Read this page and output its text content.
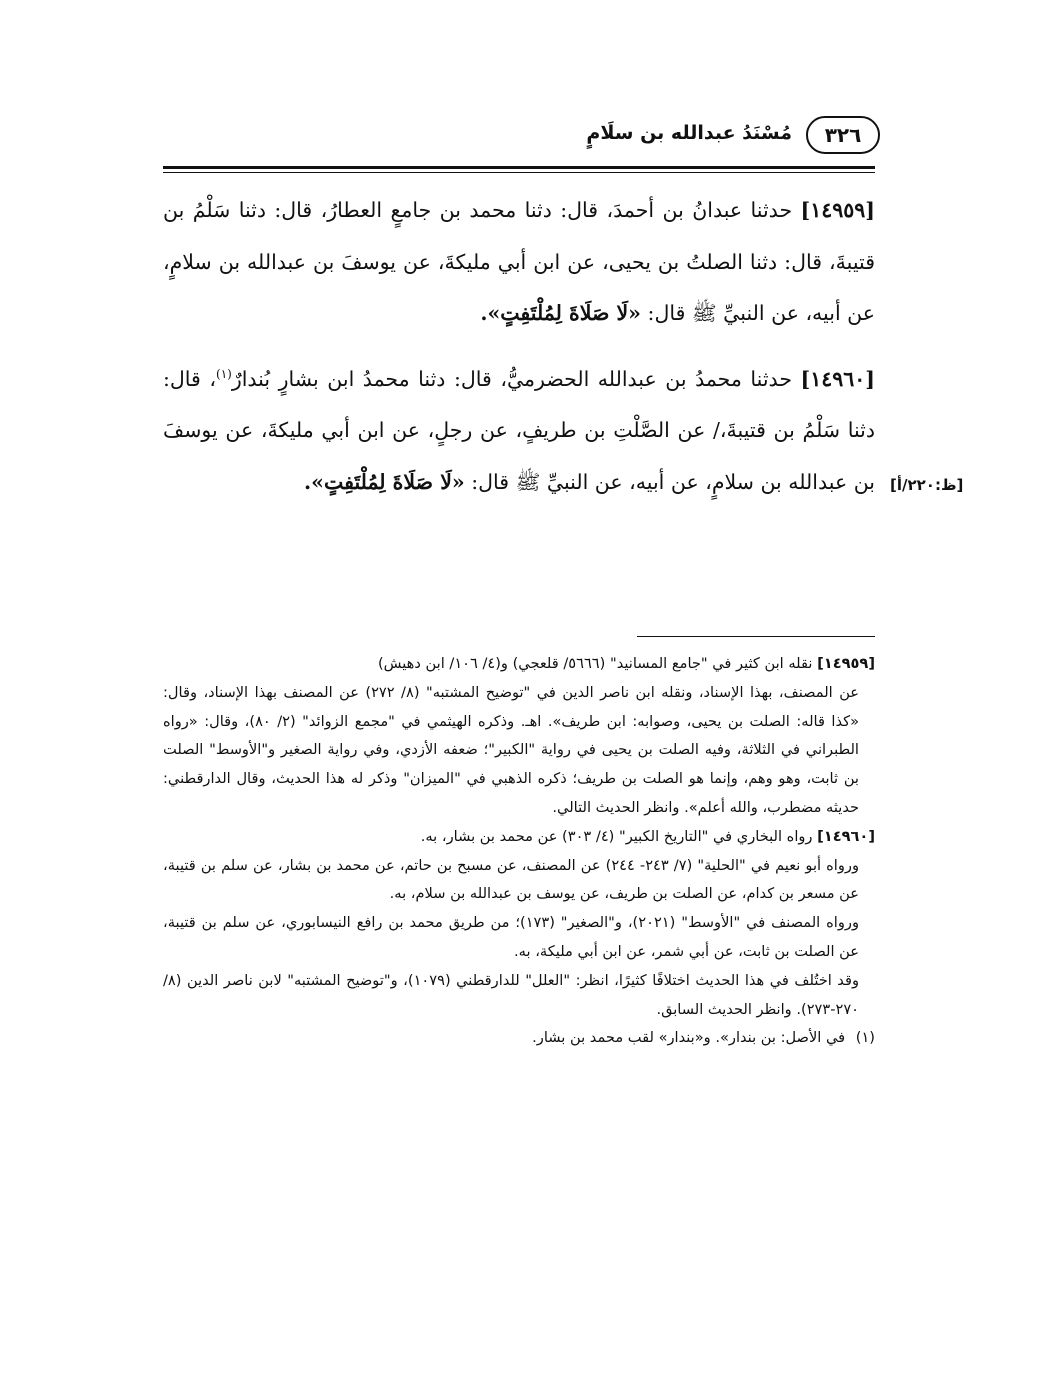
٣٢٦
مُسْنَدُ عبدالله بن سلَامٍ

[١٤٩٥٩] حدثنا عبدانُ بن أحمدَ، قال: دثنا محمد بن جامعٍ العطارُ، قال: دثنا سَلْمُ بن قتيبةَ، قال: دثنا الصلتُ بن يحيى، عن ابن أبي مليكةَ، عن يوسفَ بن عبدالله بن سلامٍ، عن أبيه، عن النبيِّ ﷺ قال: «لَا صَلَاةَ لِمُلْتَفِتٍ».

[١٤٩٦٠] حدثنا محمدُ بن عبدالله الحضرميُّ، قال: دثنا محمدُ ابن بشارٍ بُندارٌ$^{(١)}$، قال: دثنا سَلْمُ بن قتيبةَ،/ عن الصَّلْتِ بن طريفٍ، عن رجلٍ، عن ابن أبي مليكةَ، عن يوسفَ بن عبدالله بن سلامٍ، عن أبيه، عن النبيِّ ﷺ قال: «لَا صَلَاةَ لِمُلْتَفِتٍ».	[ظ:٢٢٠/أ]
[١٤٩٥٩] نقله ابن كثير في "جامع المسانيد" (٥٦٦٦/ قلعجي) و(٤/ ١٠٦/ ابن دهيش)
عن المصنف، بهذا الإسناد، ونقله ابن ناصر الدين في "توضيح المشتبه" (٨/ ٢٧٢) عن المصنف بهذا الإسناد، وقال: «كذا قاله: الصلت بن يحيى، وصوابه: ابن طريف». اهـ. وذكره الهيثمي في "مجمع الزوائد" (٢/ ٨٠)، وقال: «رواه الطبراني في الثلاثة، وفيه الصلت بن يحيى في رواية "الكبير"؛ ضعفه الأزدي، وفي رواية الصغير و"الأوسط" الصلت بن ثابت، وهو وهم، وإنما هو الصلت بن طريف؛ ذكره الذهبي في "الميزان" وذكر له هذا الحديث، وقال الدارقطني: حديثه مضطرب، والله أعلم». وانظر الحديث التالي.
[١٤٩٦٠] رواه البخاري في "التاريخ الكبير" (٤/ ٣٠٣) عن محمد بن بشار، به.
ورواه أبو نعيم في "الحلية" (٧/ ٢٤٣- ٢٤٤) عن المصنف، عن مسبح بن حاتم، عن محمد بن بشار، عن سلم بن قتيبة، عن مسعر بن كدام، عن الصلت بن طريف، عن يوسف بن عبدالله بن سلام، به.
ورواه المصنف في "الأوسط" (٢٠٢١)، و"الصغير" (١٧٣)؛ من طريق محمد بن رافع النيسابوري، عن سلم بن قتيبة، عن الصلت بن ثابت، عن أبي شمر، عن ابن أبي مليكة، به.
وقد اختُلف في هذا الحديث اختلافًا كثيرًا، انظر: "العلل" للدارقطني (١٠٧٩)، و"توضيح المشتبه" لابن ناصر الدين (٨/ ٢٧٠-٢٧٣). وانظر الحديث السابق.
(١) في الأصل: بن بندار». و«بندار» لقب محمد بن بشار.
